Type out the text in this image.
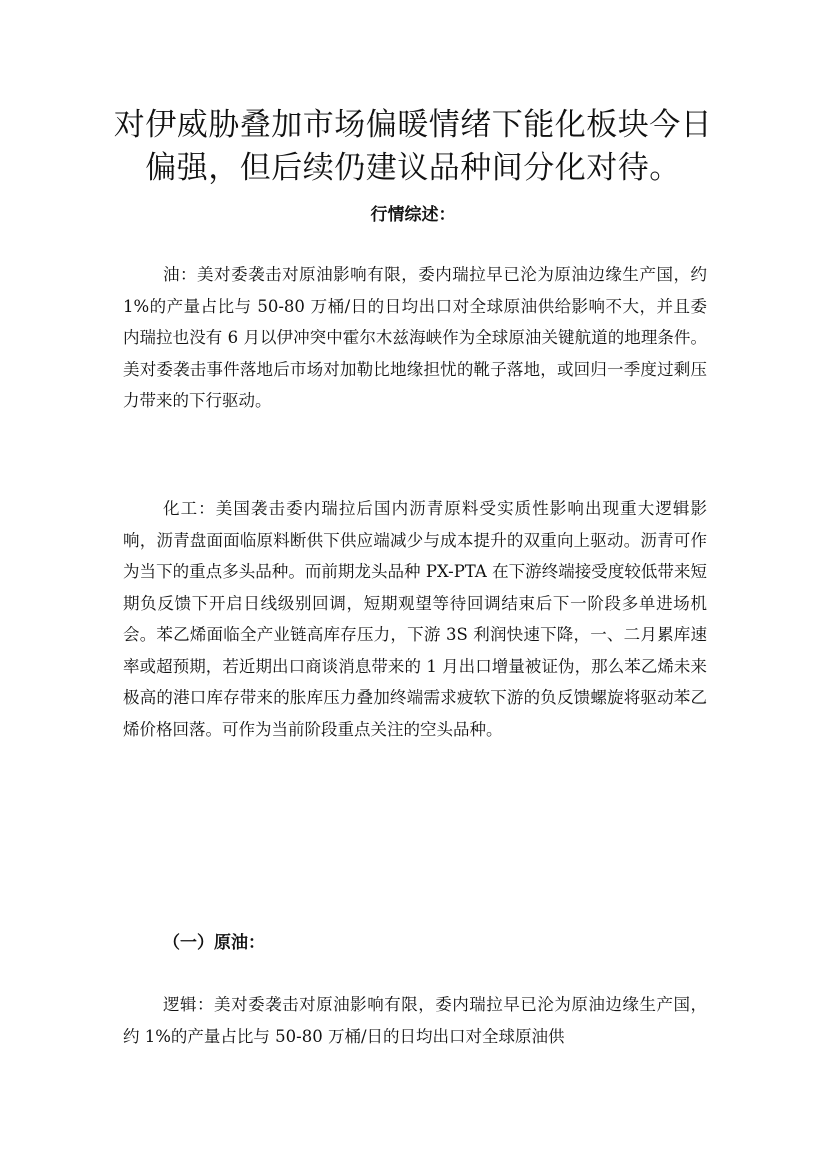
对伊威胁叠加市场偏暖情绪下能化板块今日偏强，但后续仍建议品种间分化对待。
行情综述：

油：美对委袭击对原油影响有限，委内瑞拉早已沦为原油边缘生产国，约 1%的产量占比与 50-80 万桶/日的日均出口对全球原油供给影响不大，并且委内瑞拉也没有 6 月以伊冲突中霍尔木兹海峡作为全球原油关键航道的地理条件。美对委袭击事件落地后市场对加勒比地缘担忧的靴子落地，或回归一季度过剩压力带来的下行驱动。

化工：美国袭击委内瑞拉后国内沥青原料受实质性影响出现重大逻辑影响，沥青盘面面临原料断供下供应端减少与成本提升的双重向上驱动。沥青可作为当下的重点多头品种。而前期龙头品种 PX-PTA 在下游终端接受度较低带来短期负反馈下开启日线级别回调，短期观望等待回调结束后下一阶段多单进场机会。苯乙烯面临全产业链高库存压力，下游 3S 利润快速下降，一、二月累库速率或超预期，若近期出口商谈消息带来的 1 月出口增量被证伪，那么苯乙烯未来极高的港口库存带来的胀库压力叠加终端需求疲软下游的负反馈螺旋将驱动苯乙烯价格回落。可作为当前阶段重点关注的空头品种。

（一）原油：

逻辑：美对委袭击对原油影响有限，委内瑞拉早已沦为原油边缘生产国，约 1%的产量占比与 50-80 万桶/日的日均出口对全球原油供
